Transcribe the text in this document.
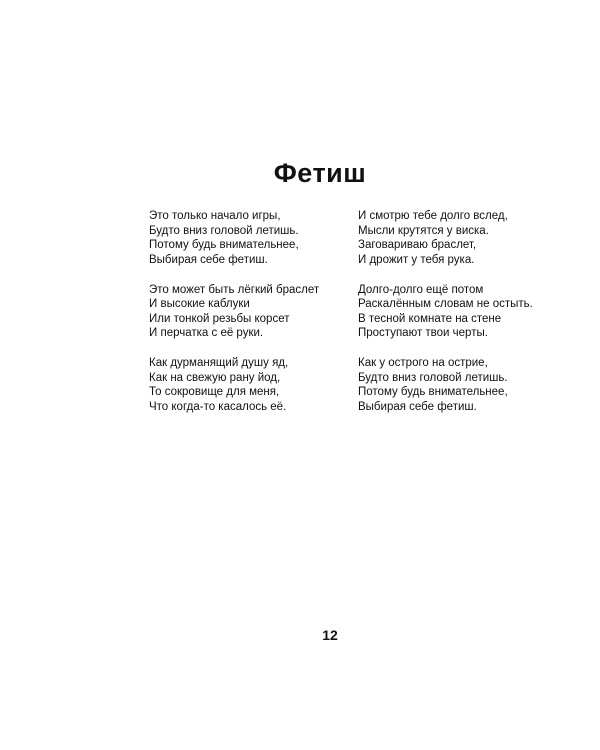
Фетиш
Это только начало игры,
Будто вниз головой летишь.
Потому будь внимательнее,
Выбирая себе фетиш.
Это может быть лёгкий браслет
И высокие каблуки
Или тонкой резьбы корсет
И перчатка с её руки.
Как дурманящий душу яд,
Как на свежую рану йод,
То сокровище для меня,
Что когда-то касалось её.
И смотрю тебе долго вслед,
Мысли крутятся у виска.
Заговариваю браслет,
И дрожит у тебя рука.
Долго-долго ещё потом
Раскалённым словам не остыть.
В тесной комнате на стене
Проступают твои черты.
Как у острого на острие,
Будто вниз головой летишь.
Потому будь внимательнее,
Выбирая себе фетиш.
12
